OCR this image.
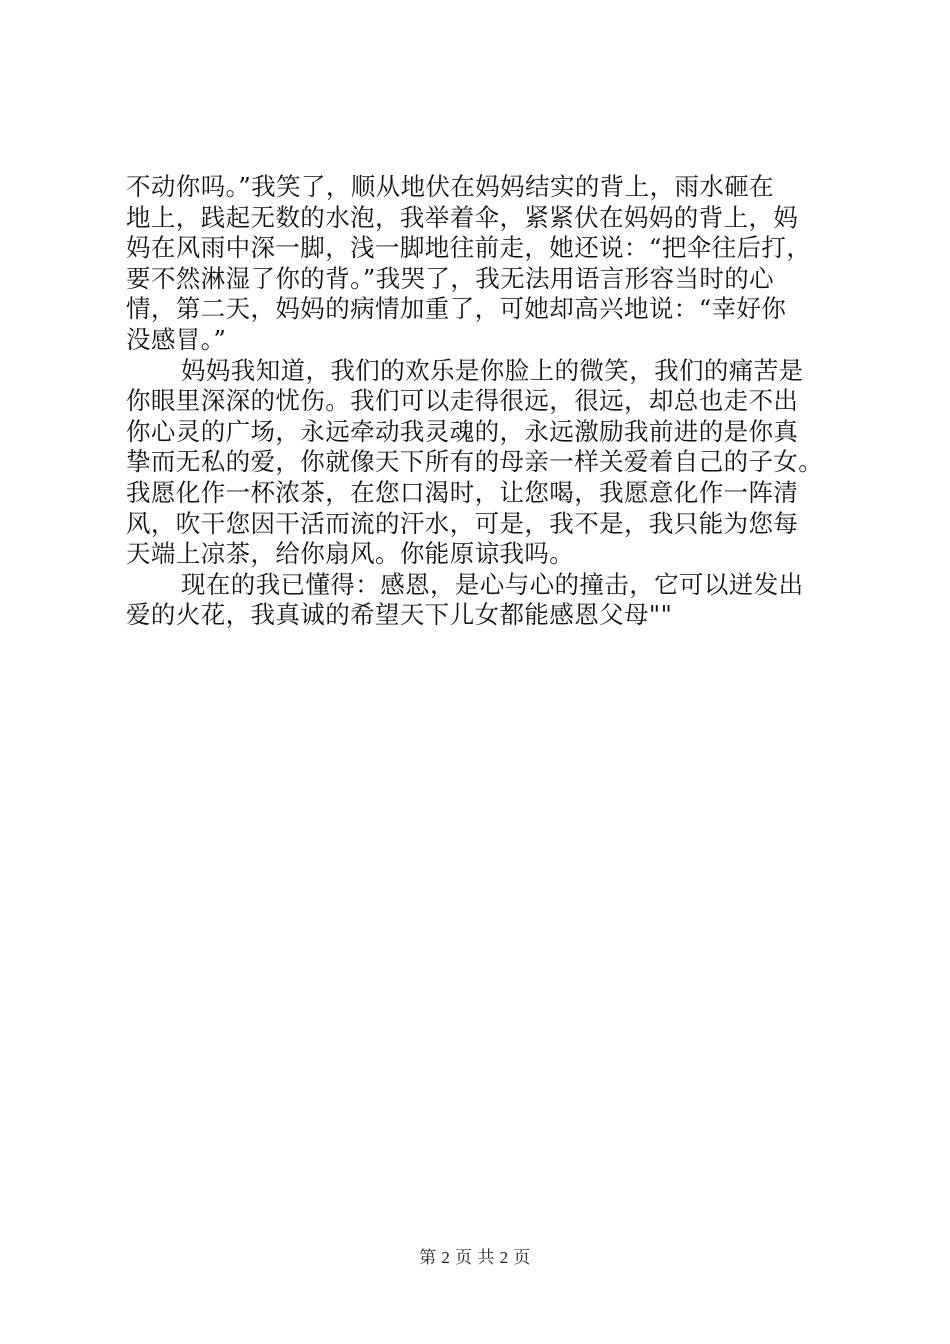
不动你吗。”我笑了，顺从地伏在妈妈结实的背上，雨水砸在
地上，践起无数的水泡，我举着伞，紧紧伏在妈妈的背上，妈
妈在风雨中深一脚，浅一脚地往前走，她还说：“把伞往后打，
要不然淋湿了你的背。”我哭了，我无法用语言形容当时的心
情，第二天，妈妈的病情加重了，可她却高兴地说：“幸好你
没感冒。”
妈妈我知道，我们的欢乐是你脸上的微笑，我们的痛苦是
你眼里深深的忧伤。我们可以走得很远，很远，却总也走不出
你心灵的广场，永远牵动我灵魂的，永远激励我前进的是你真
挚而无私的爱，你就像天下所有的母亲一样关爱着自己的子女。
我愿化作一杯浓茶，在您口渴时，让您喝，我愿意化作一阵清
风，吹干您因干活而流的汗水，可是，我不是，我只能为您每
天端上凉茶，给你扇风。你能原谅我吗。
现在的我已懂得：感恩，是心与心的撞击，它可以迸发出
爱的火花，我真诚的希望天下儿女都能感恩父母""
第 2 页 共 2 页
